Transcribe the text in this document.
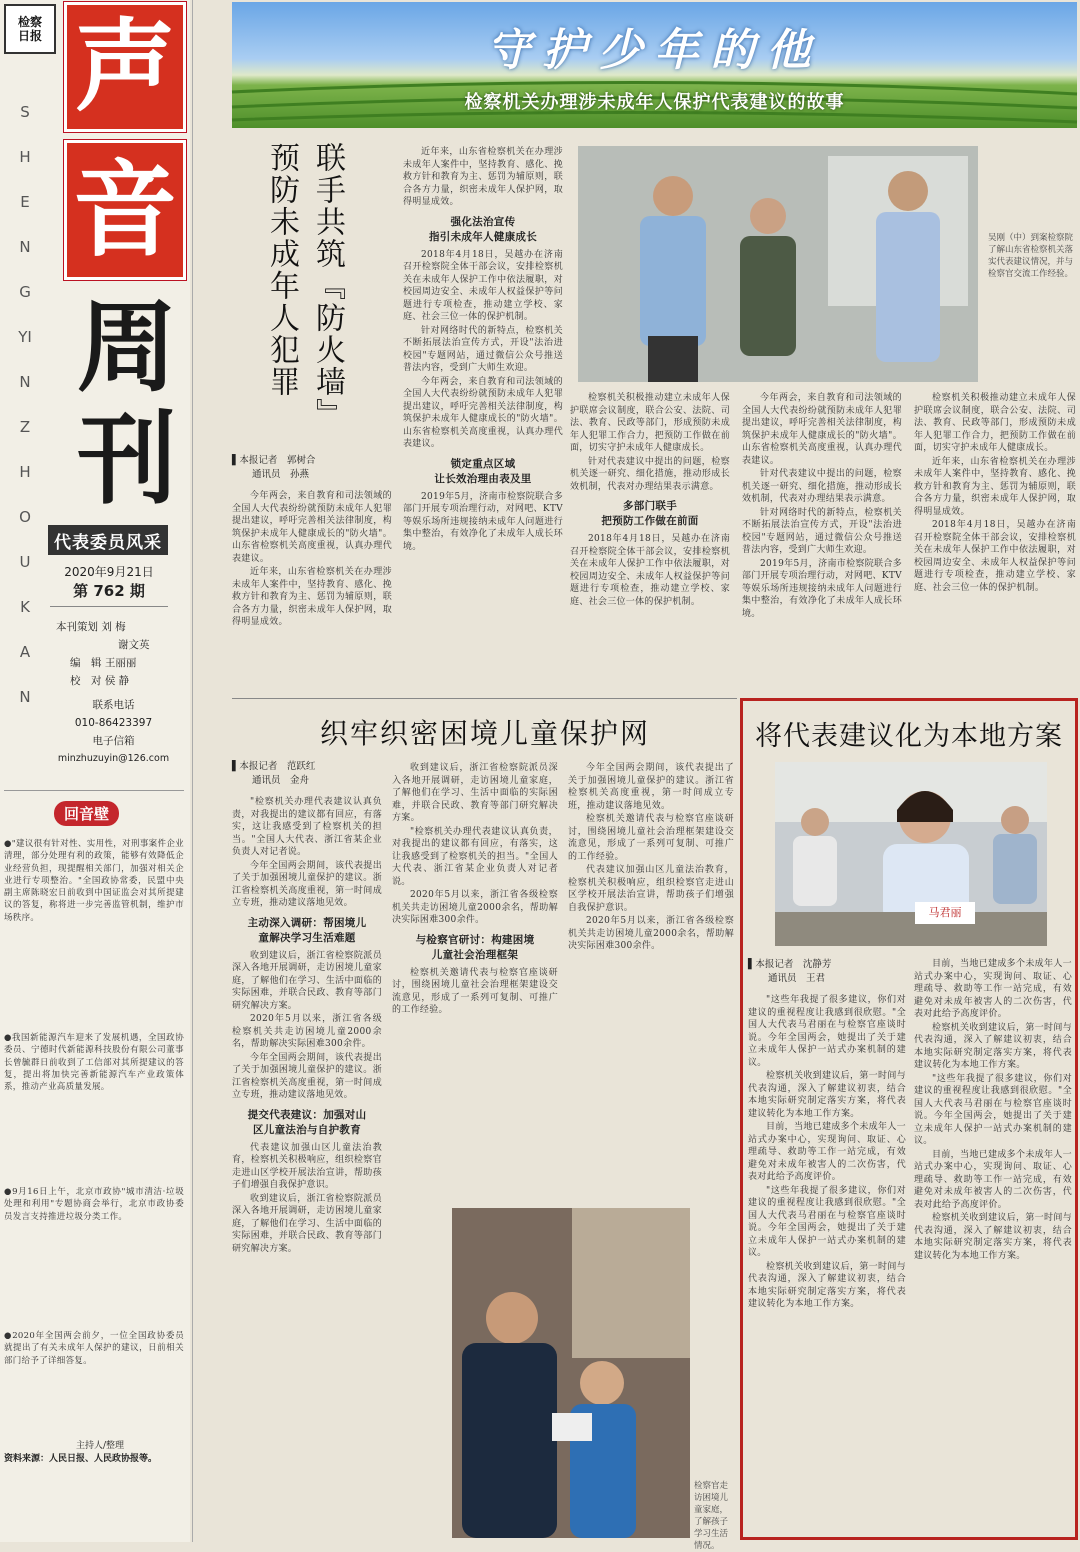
检察日报 声
音
周
刊
SHENGYINZHOUKAN
代表委员风采
2020年9月21日
第 762 期
本刊策划 刘 梅
谢文英
编　辑 王丽丽
校　对 侯 静
联系电话
010-86423397
电子信箱
minzhuzuyin@126.com
回音壁
●"建议很有针对性、实用性，对刑事案件企业清理，部分处理有利的政策，能够有效降低企业经营负担，现提醒相关部门，加强对相关企业进行专项整治。"全国政协常委，民盟中央副主席陈晓宏日前收到中国证监会对其所提建议的答复，称将进一步完善监管机制，维护市场秩序。
●我国新能源汽车迎来了发展机遇，全国政协委员、宁德时代新能源科技股份有限公司董事长曾毓群日前收到了工信部对其所提建议的答复，提出将加快完善新能源汽车产业政策体系，推动产业高质量发展。
●9月16日上午，北京市政协"城市清洁·垃圾处理和利用"专题协商会举行，北京市政协委员发言支持推进垃圾分类工作。
●2020年全国两会前夕，一位全国政协委员就提出了有关未成年人保护的建议，日前相关部门给予了详细答复。
主持人/整理
资料来源：人民日报、人民政协报等。
守护少年的他
检察机关办理涉未成年人保护代表建议的故事
联手共筑『防火墙』
预防未成年人犯罪
▌本报记者　 郭树合
通讯员　 孙燕

今年两会，来自教育和司法领域的全国人大代表纷纷就预防未成年人犯罪提出建议，呼吁完善相关法律制度，构筑保护未成年人健康成长的"防火墙"。山东省检察机关高度重视，认真办理代表建议。

近年来，山东省检察机关在办理涉未成年人案件中，坚持教育、感化、挽救方针和教育为主、惩罚为辅原则，联合各方力量，织密未成年人保护网，取得明显成效。

近年来，山东省检察机关在办理涉未成年人案件中，坚持教育、感化、挽救方针和教育为主、惩罚为辅原则，联合各方力量，织密未成年人保护网，取得明显成效。

强化法治宣传
指引未成年人健康成长

2018年4月18日，吴越办在济南召开检察院全体干部会议，安排检察机关在未成年人保护工作中依法履职，对校园周边安全、未成年人权益保护等问题进行专项检查，推动建立学校、家庭、社会三位一体的保护机制。

针对网络时代的新特点，检察机关不断拓展法治宣传方式，开设"法治进校园"专题网站，通过微信公众号推送普法内容，受到广大师生欢迎。

今年两会，来自教育和司法领域的全国人大代表纷纷就预防未成年人犯罪提出建议，呼吁完善相关法律制度，构筑保护未成年人健康成长的"防火墙"。山东省检察机关高度重视，认真办理代表建议。

锁定重点区域
让长效治理由表及里

2019年5月，济南市检察院联合多部门开展专项治理行动，对网吧、KTV等娱乐场所违规接纳未成年人问题进行集中整治，有效净化了未成年人成长环境。

吴刚（中）到案检察院了解山东省检察机关落实代表建议情况，并与检察官交流工作经验。

检察机关积极推动建立未成年人保护联席会议制度，联合公安、法院、司法、教育、民政等部门，形成预防未成年人犯罪工作合力，把预防工作做在前面，切实守护未成年人健康成长。

针对代表建议中提出的问题，检察机关逐一研究、细化措施，推动形成长效机制，代表对办理结果表示满意。

多部门联手
把预防工作做在前面

2018年4月18日，吴越办在济南召开检察院全体干部会议，安排检察机关在未成年人保护工作中依法履职，对校园周边安全、未成年人权益保护等问题进行专项检查，推动建立学校、家庭、社会三位一体的保护机制。

今年两会，来自教育和司法领域的全国人大代表纷纷就预防未成年人犯罪提出建议，呼吁完善相关法律制度，构筑保护未成年人健康成长的"防火墙"。山东省检察机关高度重视，认真办理代表建议。

针对代表建议中提出的问题，检察机关逐一研究、细化措施，推动形成长效机制，代表对办理结果表示满意。

针对网络时代的新特点，检察机关不断拓展法治宣传方式，开设"法治进校园"专题网站，通过微信公众号推送普法内容，受到广大师生欢迎。

2019年5月，济南市检察院联合多部门开展专项治理行动，对网吧、KTV等娱乐场所违规接纳未成年人问题进行集中整治，有效净化了未成年人成长环境。

检察机关积极推动建立未成年人保护联席会议制度，联合公安、法院、司法、教育、民政等部门，形成预防未成年人犯罪工作合力，把预防工作做在前面，切实守护未成年人健康成长。

近年来，山东省检察机关在办理涉未成年人案件中，坚持教育、感化、挽救方针和教育为主、惩罚为辅原则，联合各方力量，织密未成年人保护网，取得明显成效。

2018年4月18日，吴越办在济南召开检察院全体干部会议，安排检察机关在未成年人保护工作中依法履职，对校园周边安全、未成年人权益保护等问题进行专项检查，推动建立学校、家庭、社会三位一体的保护机制。

织牢织密困境儿童保护网
▌本报记者　 范跃红
通讯员　 金舟

"检察机关办理代表建议认真负责，对我提出的建议都有回应，有落实，这让我感受到了检察机关的担当。"全国人大代表、浙江省某企业负责人对记者说。

今年全国两会期间，该代表提出了关于加强困境儿童保护的建议。浙江省检察机关高度重视，第一时间成立专班，推动建议落地见效。

主动深入调研：帮困境儿
童解决学习生活难题

收到建议后，浙江省检察院派员深入各地开展调研，走访困境儿童家庭，了解他们在学习、生活中面临的实际困难，并联合民政、教育等部门研究解决方案。

2020年5月以来，浙江省各级检察机关共走访困境儿童2000余名，帮助解决实际困难300余件。

今年全国两会期间，该代表提出了关于加强困境儿童保护的建议。浙江省检察机关高度重视，第一时间成立专班，推动建议落地见效。

提交代表建议：加强对山
区儿童法治与自护教育

代表建议加强山区儿童法治教育，检察机关积极响应，组织检察官走进山区学校开展法治宣讲，帮助孩子们增强自我保护意识。

收到建议后，浙江省检察院派员深入各地开展调研，走访困境儿童家庭，了解他们在学习、生活中面临的实际困难，并联合民政、教育等部门研究解决方案。

收到建议后，浙江省检察院派员深入各地开展调研，走访困境儿童家庭，了解他们在学习、生活中面临的实际困难，并联合民政、教育等部门研究解决方案。

"检察机关办理代表建议认真负责，对我提出的建议都有回应，有落实，这让我感受到了检察机关的担当。"全国人大代表、浙江省某企业负责人对记者说。

2020年5月以来，浙江省各级检察机关共走访困境儿童2000余名，帮助解决实际困难300余件。

与检察官研讨：构建困境
儿童社会治理框架

检察机关邀请代表与检察官座谈研讨，围绕困境儿童社会治理框架建设交流意见，形成了一系列可复制、可推广的工作经验。

今年全国两会期间，该代表提出了关于加强困境儿童保护的建议。浙江省检察机关高度重视，第一时间成立专班，推动建议落地见效。

检察机关邀请代表与检察官座谈研讨，围绕困境儿童社会治理框架建设交流意见，形成了一系列可复制、可推广的工作经验。

代表建议加强山区儿童法治教育，检察机关积极响应，组织检察官走进山区学校开展法治宣讲，帮助孩子们增强自我保护意识。

2020年5月以来，浙江省各级检察机关共走访困境儿童2000余名，帮助解决实际困难300余件。

检察官走访困境儿童家庭，了解孩子学习生活情况。
将代表建议化为本地方案
马君丽
▌本报记者　 沈静芳
通讯员　 王君

"这些年我提了很多建议，你们对建议的重视程度让我感到很欣慰。"全国人大代表马君丽在与检察官座谈时说。今年全国两会，她提出了关于建立未成年人保护一站式办案机制的建议。

检察机关收到建议后，第一时间与代表沟通，深入了解建议初衷，结合本地实际研究制定落实方案，将代表建议转化为本地工作方案。

目前，当地已建成多个未成年人一站式办案中心，实现询问、取证、心理疏导、救助等工作一站完成，有效避免对未成年被害人的二次伤害，代表对此给予高度评价。

"这些年我提了很多建议，你们对建议的重视程度让我感到很欣慰。"全国人大代表马君丽在与检察官座谈时说。今年全国两会，她提出了关于建立未成年人保护一站式办案机制的建议。

检察机关收到建议后，第一时间与代表沟通，深入了解建议初衷，结合本地实际研究制定落实方案，将代表建议转化为本地工作方案。

目前，当地已建成多个未成年人一站式办案中心，实现询问、取证、心理疏导、救助等工作一站完成，有效避免对未成年被害人的二次伤害，代表对此给予高度评价。

检察机关收到建议后，第一时间与代表沟通，深入了解建议初衷，结合本地实际研究制定落实方案，将代表建议转化为本地工作方案。

"这些年我提了很多建议，你们对建议的重视程度让我感到很欣慰。"全国人大代表马君丽在与检察官座谈时说。今年全国两会，她提出了关于建立未成年人保护一站式办案机制的建议。

目前，当地已建成多个未成年人一站式办案中心，实现询问、取证、心理疏导、救助等工作一站完成，有效避免对未成年被害人的二次伤害，代表对此给予高度评价。

检察机关收到建议后，第一时间与代表沟通，深入了解建议初衷，结合本地实际研究制定落实方案，将代表建议转化为本地工作方案。
